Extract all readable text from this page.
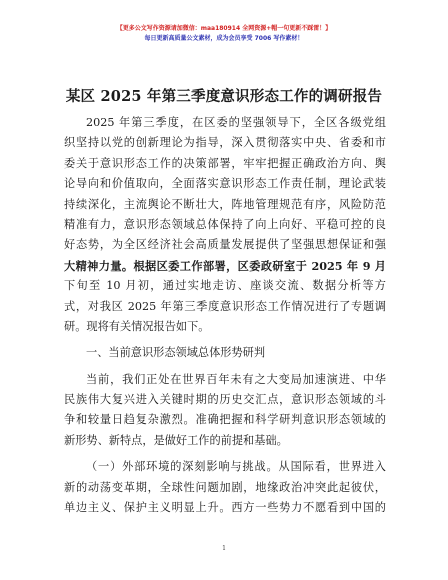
【更多公文写作资源请加微信：maa180914 全网资源+帽一句更新不踩雷！】
每日更新高质量公文素材，成为会员享受 7006 写作素材！
某区 2025 年第三季度意识形态工作的调研报告
2025 年第三季度，在区委的坚强领导下，全区各级党组
织坚持以党的创新理论为指导，深入贯彻落实中央、省委和市
委关于意识形态工作的决策部署，牢牢把握正确政治方向、舆
论导向和价值取向，全面落实意识形态工作责任制，理论武装
持续深化，主流舆论不断壮大，阵地管理规范有序，风险防范
精准有力，意识形态领域总体保持了向上向好、平稳可控的良
好态势，为全区经济社会高质量发展提供了坚强思想保证和强
大精神力量。根据区委工作部署，区委政研室于 2025 年 9 月
下旬至 10 月初，通过实地走访、座谈交流、数据分析等方
式，对我区 2025 年第三季度意识形态工作情况进行了专题调
研。现将有关情况报告如下。
一、当前意识形态领域总体形势研判
当前，我们正处在世界百年未有之大变局加速演进、中华
民族伟大复兴进入关键时期的历史交汇点，意识形态领域的斗
争和较量日趋复杂激烈。准确把握和科学研判意识形态领域的
新形势、新特点，是做好工作的前提和基础。
（一）外部环境的深刻影响与挑战。从国际看，世界进入
新的动荡变革期，全球性问题加剧，地缘政治冲突此起彼伏，
单边主义、保护主义明显上升。西方一些势力不愿看到中国的
1
